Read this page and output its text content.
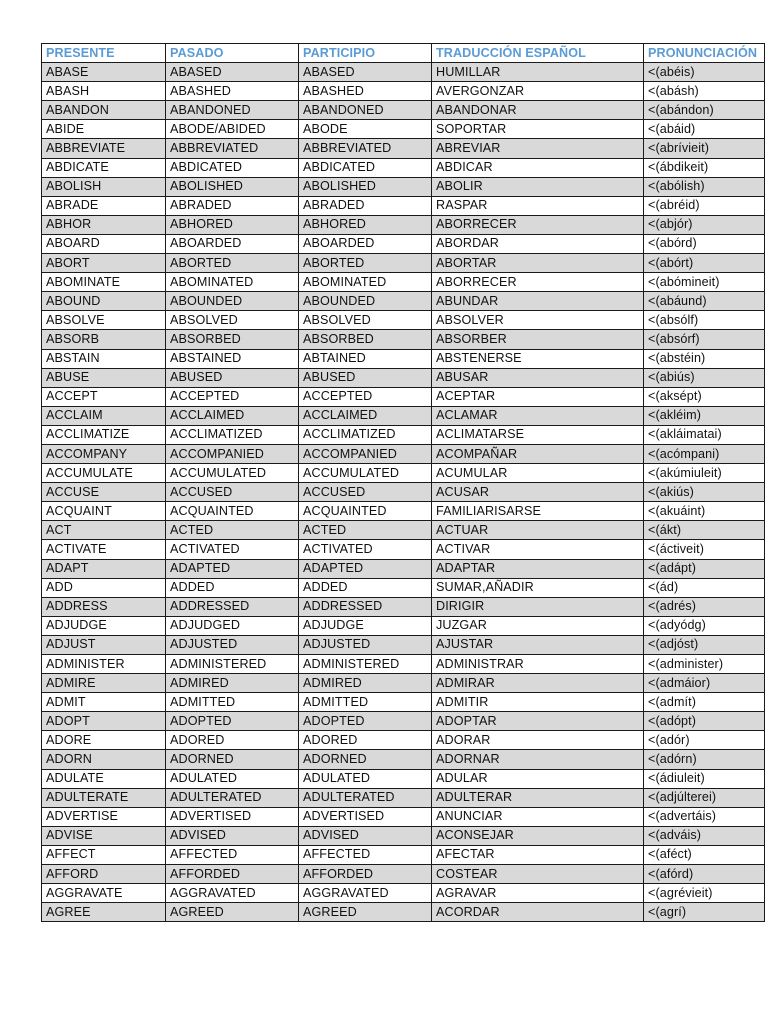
PRESENTE	PASADO	PARTICIPIO	TRADUCCIÓN ESPAÑOL	PRONUNCIACIÓN
ABASE	ABASED	ABASED	HUMILLAR	<(abéis)
ABASH	ABASHED	ABASHED	AVERGONZAR	<(abásh)
ABANDON	ABANDONED	ABANDONED	ABANDONAR	<(abándon)
ABIDE	ABODE/ABIDED	ABODE	SOPORTAR	<(abáid)
ABBREVIATE	ABBREVIATED	ABBREVIATED	ABREVIAR	<(abrívieit)
ABDICATE	ABDICATED	ABDICATED	ABDICAR	<(ábdikeit)
ABOLISH	ABOLISHED	ABOLISHED	ABOLIR	<(abólish)
ABRADE	ABRADED	ABRADED	RASPAR	<(abréid)
ABHOR	ABHORED	ABHORED	ABORRECER	<(abjór)
ABOARD	ABOARDED	ABOARDED	ABORDAR	<(abórd)
ABORT	ABORTED	ABORTED	ABORTAR	<(abórt)
ABOMINATE	ABOMINATED	ABOMINATED	ABORRECER	<(abómineit)
ABOUND	ABOUNDED	ABOUNDED	ABUNDAR	<(abáund)
ABSOLVE	ABSOLVED	ABSOLVED	ABSOLVER	<(absólf)
ABSORB	ABSORBED	ABSORBED	ABSORBER	<(absórf)
ABSTAIN	ABSTAINED	ABTAINED	ABSTENERSE	<(abstéin)
ABUSE	ABUSED	ABUSED	ABUSAR	<(abiús)
ACCEPT	ACCEPTED	ACCEPTED	ACEPTAR	<(aksépt)
ACCLAIM	ACCLAIMED	ACCLAIMED	ACLAMAR	<(akléim)
ACCLIMATIZE	ACCLIMATIZED	ACCLIMATIZED	ACLIMATARSE	<(akláimatai)
ACCOMPANY	ACCOMPANIED	ACCOMPANIED	ACOMPAÑAR	<(acómpani)
ACCUMULATE	ACCUMULATED	ACCUMULATED	ACUMULAR	<(akúmiuleit)
ACCUSE	ACCUSED	ACCUSED	ACUSAR	<(akiús)
ACQUAINT	ACQUAINTED	ACQUAINTED	FAMILIARISARSE	<(akuáint)
ACT	ACTED	ACTED	ACTUAR	<(ákt)
ACTIVATE	ACTIVATED	ACTIVATED	ACTIVAR	<(áctiveit)
ADAPT	ADAPTED	ADAPTED	ADAPTAR	<(adápt)
ADD	ADDED	ADDED	SUMAR,AÑADIR	<(ád)
ADDRESS	ADDRESSED	ADDRESSED	DIRIGIR	<(adrés)
ADJUDGE	ADJUDGED	ADJUDGE	JUZGAR	<(adyódg)
ADJUST	ADJUSTED	ADJUSTED	AJUSTAR	<(adjóst)
ADMINISTER	ADMINISTERED	ADMINISTERED	ADMINISTRAR	<(administer)
ADMIRE	ADMIRED	ADMIRED	ADMIRAR	<(admáior)
ADMIT	ADMITTED	ADMITTED	ADMITIR	<(admít)
ADOPT	ADOPTED	ADOPTED	ADOPTAR	<(adópt)
ADORE	ADORED	ADORED	ADORAR	<(adór)
ADORN	ADORNED	ADORNED	ADORNAR	<(adórn)
ADULATE	ADULATED	ADULATED	ADULAR	<(ádiuleit)
ADULTERATE	ADULTERATED	ADULTERATED	ADULTERAR	<(adjúlterei)
ADVERTISE	ADVERTISED	ADVERTISED	ANUNCIAR	<(advertáis)
ADVISE	ADVISED	ADVISED	ACONSEJAR	<(adváis)
AFFECT	AFFECTED	AFFECTED	AFECTAR	<(aféct)
AFFORD	AFFORDED	AFFORDED	COSTEAR	<(afórd)
AGGRAVATE	AGGRAVATED	AGGRAVATED	AGRAVAR	<(agrévieit)
AGREE	AGREED	AGREED	ACORDAR	<(agrí)
